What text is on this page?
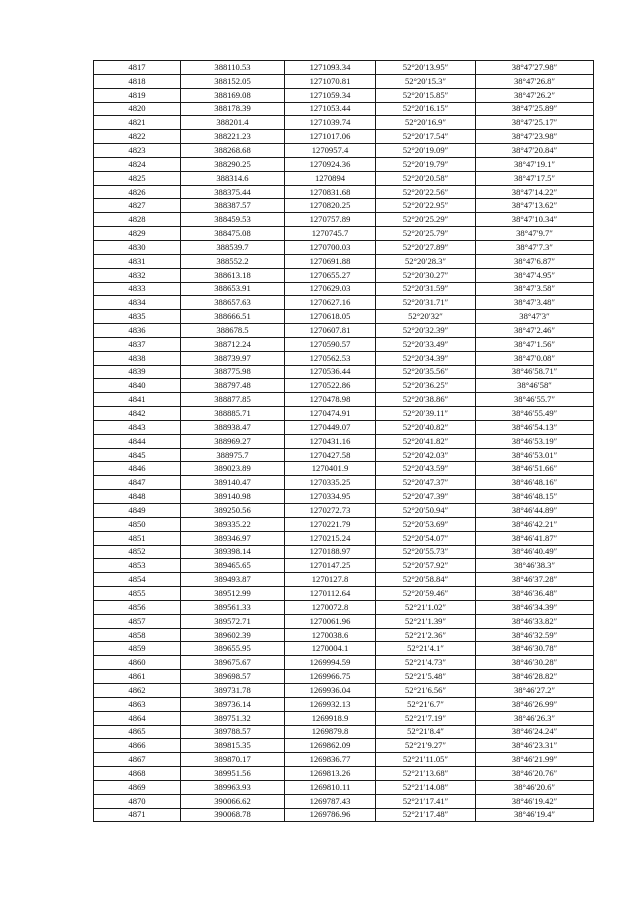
4817	388110.53	1271093.34	52°20′13.95″	38°47′27.98″
4818	388152.05	1271070.81	52°20′15.3″	38°47′26.8″
4819	388169.08	1271059.34	52°20′15.85″	38°47′26.2″
4820	388178.39	1271053.44	52°20′16.15″	38°47′25.89″
4821	388201.4	1271039.74	52°20′16.9″	38°47′25.17″
4822	388221.23	1271017.06	52°20′17.54″	38°47′23.98″
4823	388268.68	1270957.4	52°20′19.09″	38°47′20.84″
4824	388290.25	1270924.36	52°20′19.79″	38°47′19.1″
4825	388314.6	1270894	52°20′20.58″	38°47′17.5″
4826	388375.44	1270831.68	52°20′22.56″	38°47′14.22″
4827	388387.57	1270820.25	52°20′22.95″	38°47′13.62″
4828	388459.53	1270757.89	52°20′25.29″	38°47′10.34″
4829	388475.08	1270745.7	52°20′25.79″	38°47′9.7″
4830	388539.7	1270700.03	52°20′27.89″	38°47′7.3″
4831	388552.2	1270691.88	52°20′28.3″	38°47′6.87″
4832	388613.18	1270655.27	52°20′30.27″	38°47′4.95″
4833	388653.91	1270629.03	52°20′31.59″	38°47′3.58″
4834	388657.63	1270627.16	52°20′31.71″	38°47′3.48″
4835	388666.51	1270618.05	52°20′32″	38°47′3″
4836	388678.5	1270607.81	52°20′32.39″	38°47′2.46″
4837	388712.24	1270590.57	52°20′33.49″	38°47′1.56″
4838	388739.97	1270562.53	52°20′34.39″	38°47′0.08″
4839	388775.98	1270536.44	52°20′35.56″	38°46′58.71″
4840	388797.48	1270522.86	52°20′36.25″	38°46′58″
4841	388877.85	1270478.98	52°20′38.86″	38°46′55.7″
4842	388885.71	1270474.91	52°20′39.11″	38°46′55.49″
4843	388938.47	1270449.07	52°20′40.82″	38°46′54.13″
4844	388969.27	1270431.16	52°20′41.82″	38°46′53.19″
4845	388975.7	1270427.58	52°20′42.03″	38°46′53.01″
4846	389023.89	1270401.9	52°20′43.59″	38°46′51.66″
4847	389140.47	1270335.25	52°20′47.37″	38°46′48.16″
4848	389140.98	1270334.95	52°20′47.39″	38°46′48.15″
4849	389250.56	1270272.73	52°20′50.94″	38°46′44.89″
4850	389335.22	1270221.79	52°20′53.69″	38°46′42.21″
4851	389346.97	1270215.24	52°20′54.07″	38°46′41.87″
4852	389398.14	1270188.97	52°20′55.73″	38°46′40.49″
4853	389465.65	1270147.25	52°20′57.92″	38°46′38.3″
4854	389493.87	1270127.8	52°20′58.84″	38°46′37.28″
4855	389512.99	1270112.64	52°20′59.46″	38°46′36.48″
4856	389561.33	1270072.8	52°21′1.02″	38°46′34.39″
4857	389572.71	1270061.96	52°21′1.39″	38°46′33.82″
4858	389602.39	1270038.6	52°21′2.36″	38°46′32.59″
4859	389655.95	1270004.1	52°21′4.1″	38°46′30.78″
4860	389675.67	1269994.59	52°21′4.73″	38°46′30.28″
4861	389698.57	1269966.75	52°21′5.48″	38°46′28.82″
4862	389731.78	1269936.04	52°21′6.56″	38°46′27.2″
4863	389736.14	1269932.13	52°21′6.7″	38°46′26.99″
4864	389751.32	1269918.9	52°21′7.19″	38°46′26.3″
4865	389788.57	1269879.8	52°21′8.4″	38°46′24.24″
4866	389815.35	1269862.09	52°21′9.27″	38°46′23.31″
4867	389870.17	1269836.77	52°21′11.05″	38°46′21.99″
4868	389951.56	1269813.26	52°21′13.68″	38°46′20.76″
4869	389963.93	1269810.11	52°21′14.08″	38°46′20.6″
4870	390066.62	1269787.43	52°21′17.41″	38°46′19.42″
4871	390068.78	1269786.96	52°21′17.48″	38°46′19.4″
